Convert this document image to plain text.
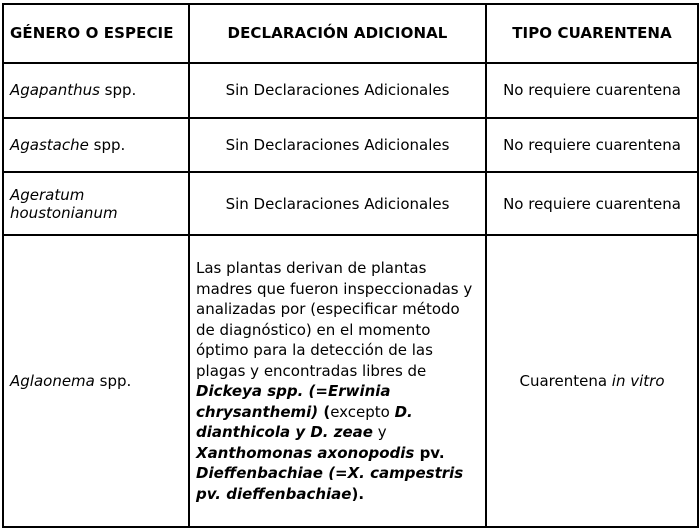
GÉNERO O ESPECIE	DECLARACIÓN ADICIONAL	TIPO CUARENTENA
Agapanthus spp.	Sin Declaraciones Adicionales	No requiere cuarentena
Agastache spp.	Sin Declaraciones Adicionales	No requiere cuarentena

Ageratum houstonianum	Sin Declaraciones Adicionales	No requiere cuarentena
Aglaonema spp.	Las plantas derivan de plantas madres que fueron inspeccionadas y analizadas por (especificar método de diagnóstico) en el momento óptimo para la detección de las plagas y encontradas libres de Dickeya spp. (=Erwinia chrysanthemi) (excepto D. dianthicola y D. zeae y Xanthomonas axonopodis pv. Dieffenbachiae (=X. campestris pv. dieffenbachiae).	Cuarentena in vitro
